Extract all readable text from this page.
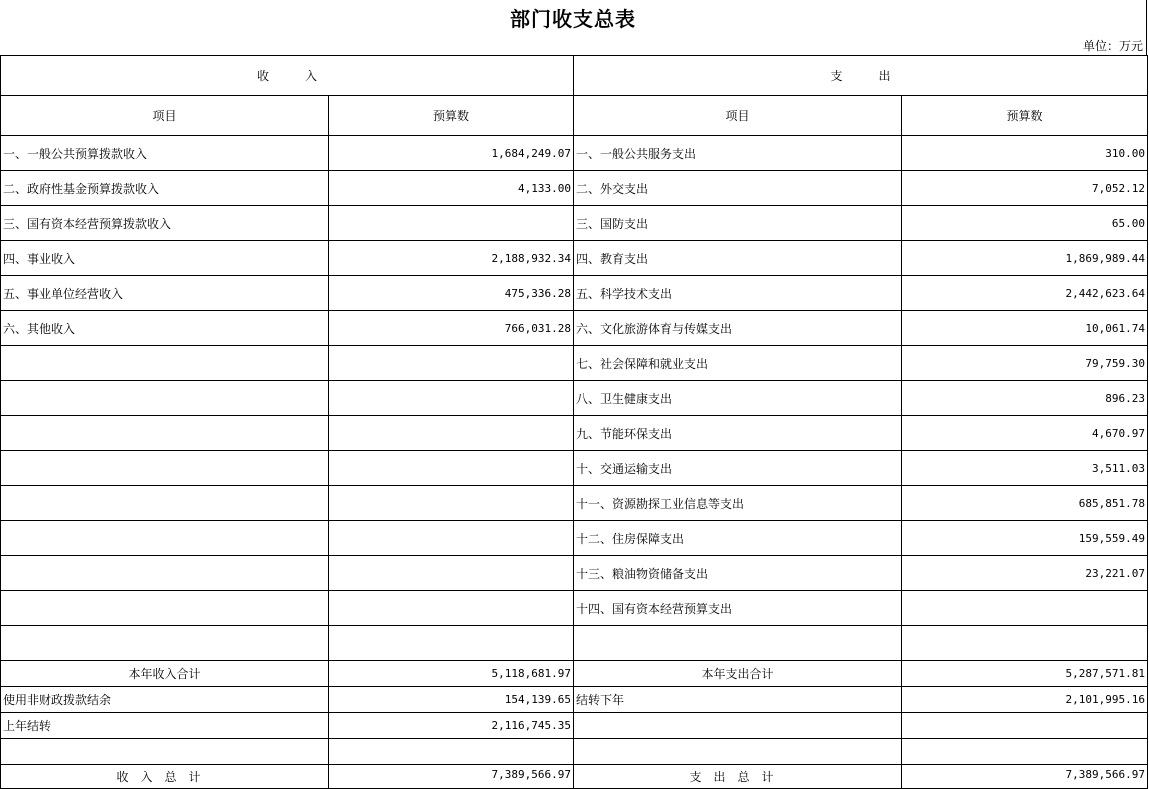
部门收支总表
单位：万元
收　　　入		支　　　出	
项目	预算数	项目	预算数
一、一般公共预算拨款收入	1,684,249.07	一、一般公共服务支出	310.00
二、政府性基金预算拨款收入	4,133.00	二、外交支出	7,052.12
三、国有资本经营预算拨款收入		三、国防支出	65.00
四、事业收入	2,188,932.34	四、教育支出	1,869,989.44
五、事业单位经营收入	475,336.28	五、科学技术支出	2,442,623.64
六、其他收入	766,031.28	六、文化旅游体育与传媒支出	10,061.74
		七、社会保障和就业支出	79,759.30
		八、卫生健康支出	896.23
		九、节能环保支出	4,670.97
		十、交通运输支出	3,511.03
		十一、资源勘探工业信息等支出	685,851.78
		十二、住房保障支出	159,559.49
		十三、粮油物资储备支出	23,221.07
		十四、国有资本经营预算支出	

本年收入合计	5,118,681.97	本年支出合计	5,287,571.81
使用非财政拨款结余	154,139.65	结转下年	2,101,995.16
上年结转	2,116,745.35		

收入总计	7,389,566.97	支出总计	7,389,566.97
